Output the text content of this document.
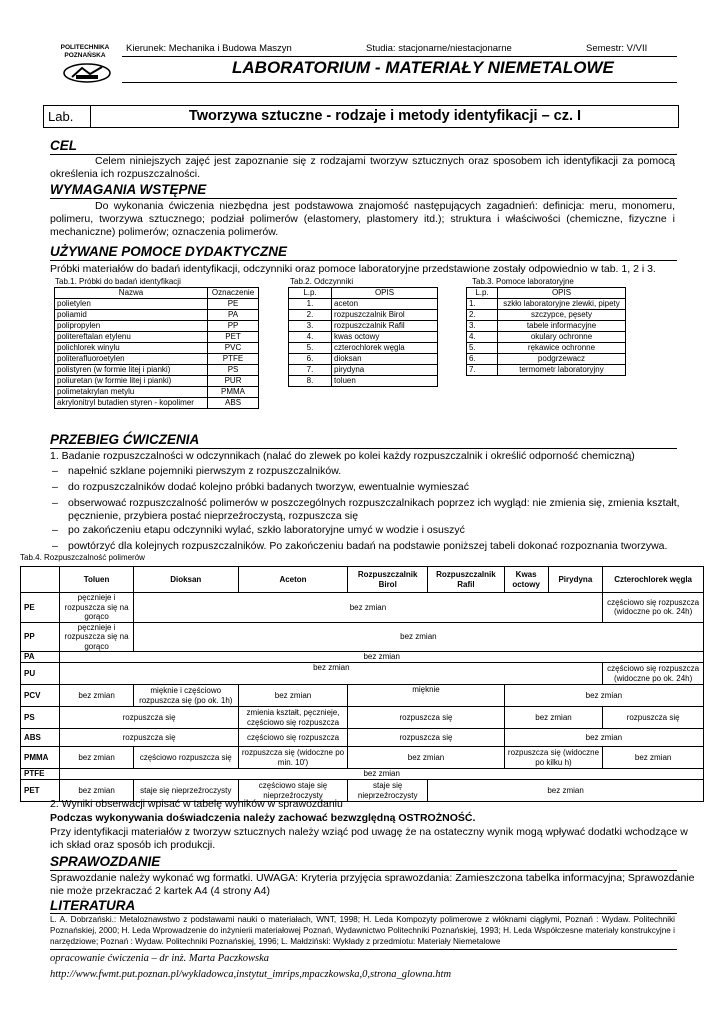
POLITECHNIKA POZNAŃSKA
Kierunek: Mechanika i Budowa Maszyn	Studia: stacjonarne/niestacjonarne	Semestr: V/VII
LABORATORIUM - MATERIAŁY NIEMETALOWE
Lab.	Tworzywa sztuczne - rodzaje i metody identyfikacji – cz. I
CEL
Celem niniejszych zajęć jest zapoznanie się z rodzajami tworzyw sztucznych oraz sposobem ich identyfikacji za pomocą określenia ich rozpuszczalności.
WYMAGANIA WSTĘPNE
Do wykonania ćwiczenia niezbędna jest podstawowa znajomość następujących zagadnień: definicja: meru, monomeru, polimeru, tworzywa sztucznego; podział polimerów (elastomery, plastomery itd.); struktura i właściwości (chemiczne, fizyczne i mechaniczne) polimerów; oznaczenia polimerów.
UŻYWANE POMOCE DYDAKTYCZNE
Próbki materiałów do badań identyfikacji, odczynniki oraz pomoce laboratoryjne przedstawione zostały odpowiednio w tab. 1, 2 i 3.
Tab.1. Próbki do badań identyfikacji
Nazwa	Oznaczenie
polietylen	PE
poliamid	PA
polipropylen	PP
politereftalan etylenu	PET
polichlorek winylu	PVC
politerafluoroetylen	PTFE
polistyren (w formie litej i pianki)	PS
poliuretan (w formie litej i pianki)	PUR
polimetakrylan metylu	PMMA
akrylonitryl butadien styren - kopolimer	ABS
Tab.2. Odczynniki
L.p.	OPIS
1.	aceton
2.	rozpuszczalnik Birol
3.	rozpuszczalnik Rafil
4.	kwas octowy
5.	czterochlorek węgla
6.	dioksan
7.	pirydyna
8.	toluen
Tab.3. Pomoce laboratoryjne
L.p.	OPIS
1.	szkło laboratoryjne zlewki, pipety
2.	szczypce, pęsety
3.	tabele informacyjne
4.	okulary ochronne
5.	rękawice ochronne
6.	podgrzewacz
7.	termometr laboratoryjny
PRZEBIEG ĆWICZENIA
1. Badanie rozpuszczalności w odczynnikach (nalać do zlewek po kolei każdy rozpuszczalnik i określić odporność chemiczną)
– napełnić szklane pojemniki pierwszym z rozpuszczalników.
– do rozpuszczalników dodać kolejno próbki badanych tworzyw, ewentualnie wymieszać
– obserwować rozpuszczalność polimerów w poszczególnych rozpuszczalnikach poprzez ich wygląd: nie zmienia się, zmienia kształt,
pęcznienie, przybiera postać nieprzeźroczystą, rozpuszcza się
– po zakończeniu etapu odczynniki wylać, szkło laboratoryjne umyć w wodzie i osuszyć
– powtórzyć dla kolejnych rozpuszczalników. Po zakończeniu badań na podstawie poniższej tabeli dokonać rozpoznania tworzywa.
Tab.4. Rozpuszczalność polimerów
	Toluen	Dioksan	Aceton	Rozpuszczalnik Birol	Rozpuszczalnik Rafil	Kwas octowy	Pirydyna	Czterochlorek węgla
PE	pęcznieje i rozpuszcza się na gorąco	bez zmian						częściowo się rozpuszcza (widoczne po ok. 24h)
PP	pęcznieje i rozpuszcza się na gorąco	bez zmian						
PA	bez zmian							
PU	bez zmian							częściowo się rozpuszcza (widoczne po ok. 24h)
PCV	bez zmian	mięknie i częściowo rozpuszcza się (po ok. 1h)	bez zmian	mięknie		bez zmian		
PS	rozpuszcza się		zmienia kształt, pęcznieje, częściowo się rozpuszcza	rozpuszcza się		bez zmian		rozpuszcza się
ABS	rozpuszcza się		częściowo się rozpuszcza	rozpuszcza się		bez zmian		
PMMA	bez zmian	częściowo rozpuszcza się	rozpuszcza się (widoczne po min. 10')	bez zmian		rozpuszcza się (widoczne po kilku h)		bez zmian
PTFE	bez zmian							
PET	bez zmian	staje się nieprzeźroczysty	częściowo staje się nieprzeźroczysty	staje się nieprzeźroczysty	bez zmian			
2. Wyniki obserwacji wpisać w tabelę wyników w sprawozdaniu
Podczas wykonywania doświadczenia należy zachować bezwzględną OSTROŻNOŚĆ.
Przy identyfikacji materiałów z tworzyw sztucznych należy wziąć pod uwagę że na ostateczny wynik mogą wpływać dodatki wchodzące w
ich skład oraz sposób ich produkcji.
SPRAWOZDANIE
Sprawozdanie należy wykonać wg formatki. UWAGA: Kryteria przyjęcia sprawozdania: Zamieszczona tabelka informacyjna; Sprawozdanie
nie może przekraczać 2 kartek A4 (4 strony A4)
LITERATURA
L. A. Dobrzański.: Metaloznawstwo z podstawami nauki o materiałach, WNT, 1998; H. Leda Kompozyty polimerowe z włóknami ciągłymi, Poznań : Wydaw. Politechniki Poznańskiej, 2000; H. Leda Wprowadzenie do inżynierii materiałowej Poznań, Wydawnictwo Politechniki Poznańskiej, 1993; H. Leda Współczesne materiały konstrukcyjne i narzędziowe; Poznań : Wydaw. Politechniki Poznańskiej, 1996; L. Małdziński: Wykłady z przedmiotu: Materiały Niemetalowe
opracowanie ćwiczenia – dr inż. Marta Paczkowska
http://www.fwmt.put.poznan.pl/wykladowca,instytut_imrips,mpaczkowska,0,strona_glowna.htm
